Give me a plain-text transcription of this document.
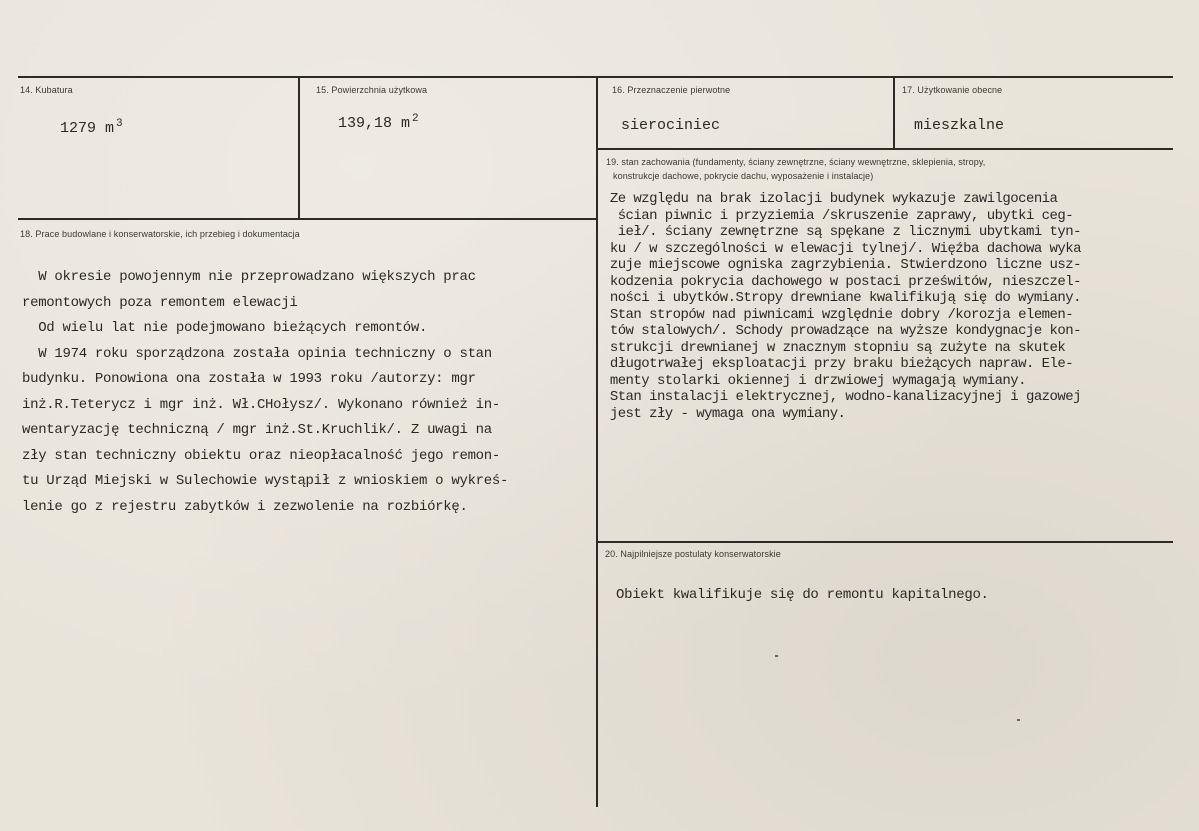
14. Kubatura
1279 m $^3$
15. Powierzchnia użytkowa
139,18 m $^2$
16. Przeznaczenie pierwotne
sierociniec
17. Użytkowanie obecne
mieszkalne
18. Prace budowlane i konserwatorskie, ich przebieg i dokumentacja
W okresie powojennym nie przeprowadzano większych prac
remontowych poza remontem elewacji
Od wielu lat nie podejmowano bieżących remontów.
W 1974 roku sporządzona została opinia techniczny o stan
budynku. Ponowiona ona została w 1993 roku /autorzy: mgr
inż.R.Teterycz i mgr inż. Wł.CHołysz/. Wykonano również in-
wentaryzację techniczną / mgr inż.St.Kruchlik/. Z uwagi na
zły stan techniczny obiektu oraz nieopłacalność jego remon-
tu Urząd Miejski w Sulechowie wystąpił z wnioskiem o wykreś-
lenie go z rejestru zabytków i zezwolenie na rozbiórkę.
19. stan zachowania (fundamenty, ściany zewnętrzne, ściany wewnętrzne, sklepienia, stropy,
konstrukcje dachowe, pokrycie dachu, wyposażenie i instalacje)
Ze względu na brak izolacji budynek wykazuje zawilgocenia
ścian piwnic i przyziemia /skruszenie zaprawy, ubytki ceg-
ieł/. ściany zewnętrzne są spękane z licznymi ubytkami tyn-
ku / w szczególności w elewacji tylnej/. Więźba dachowa wyka
zuje miejscowe ogniska zagrzybienia. Stwierdzono liczne usz-
kodzenia pokrycia dachowego w postaci prześwitów, nieszczel-
ności i ubytków.Stropy drewniane kwalifikują się do wymiany.
Stan stropów nad piwnicami względnie dobry /korozja elemen-
tów stalowych/. Schody prowadzące na wyższe kondygnacje kon-
strukcji drewnianej w znacznym stopniu są zużyte na skutek
długotrwałej eksploatacji przy braku bieżących napraw. Ele-
menty stolarki okiennej i drzwiowej wymagają wymiany.
Stan instalacji elektrycznej, wodno-kanalizacyjnej i gazowej
jest zły - wymaga ona wymiany.
20. Najpilniejsze postulaty konserwatorskie
Obiekt kwalifikuje się do remontu kapitalnego.
